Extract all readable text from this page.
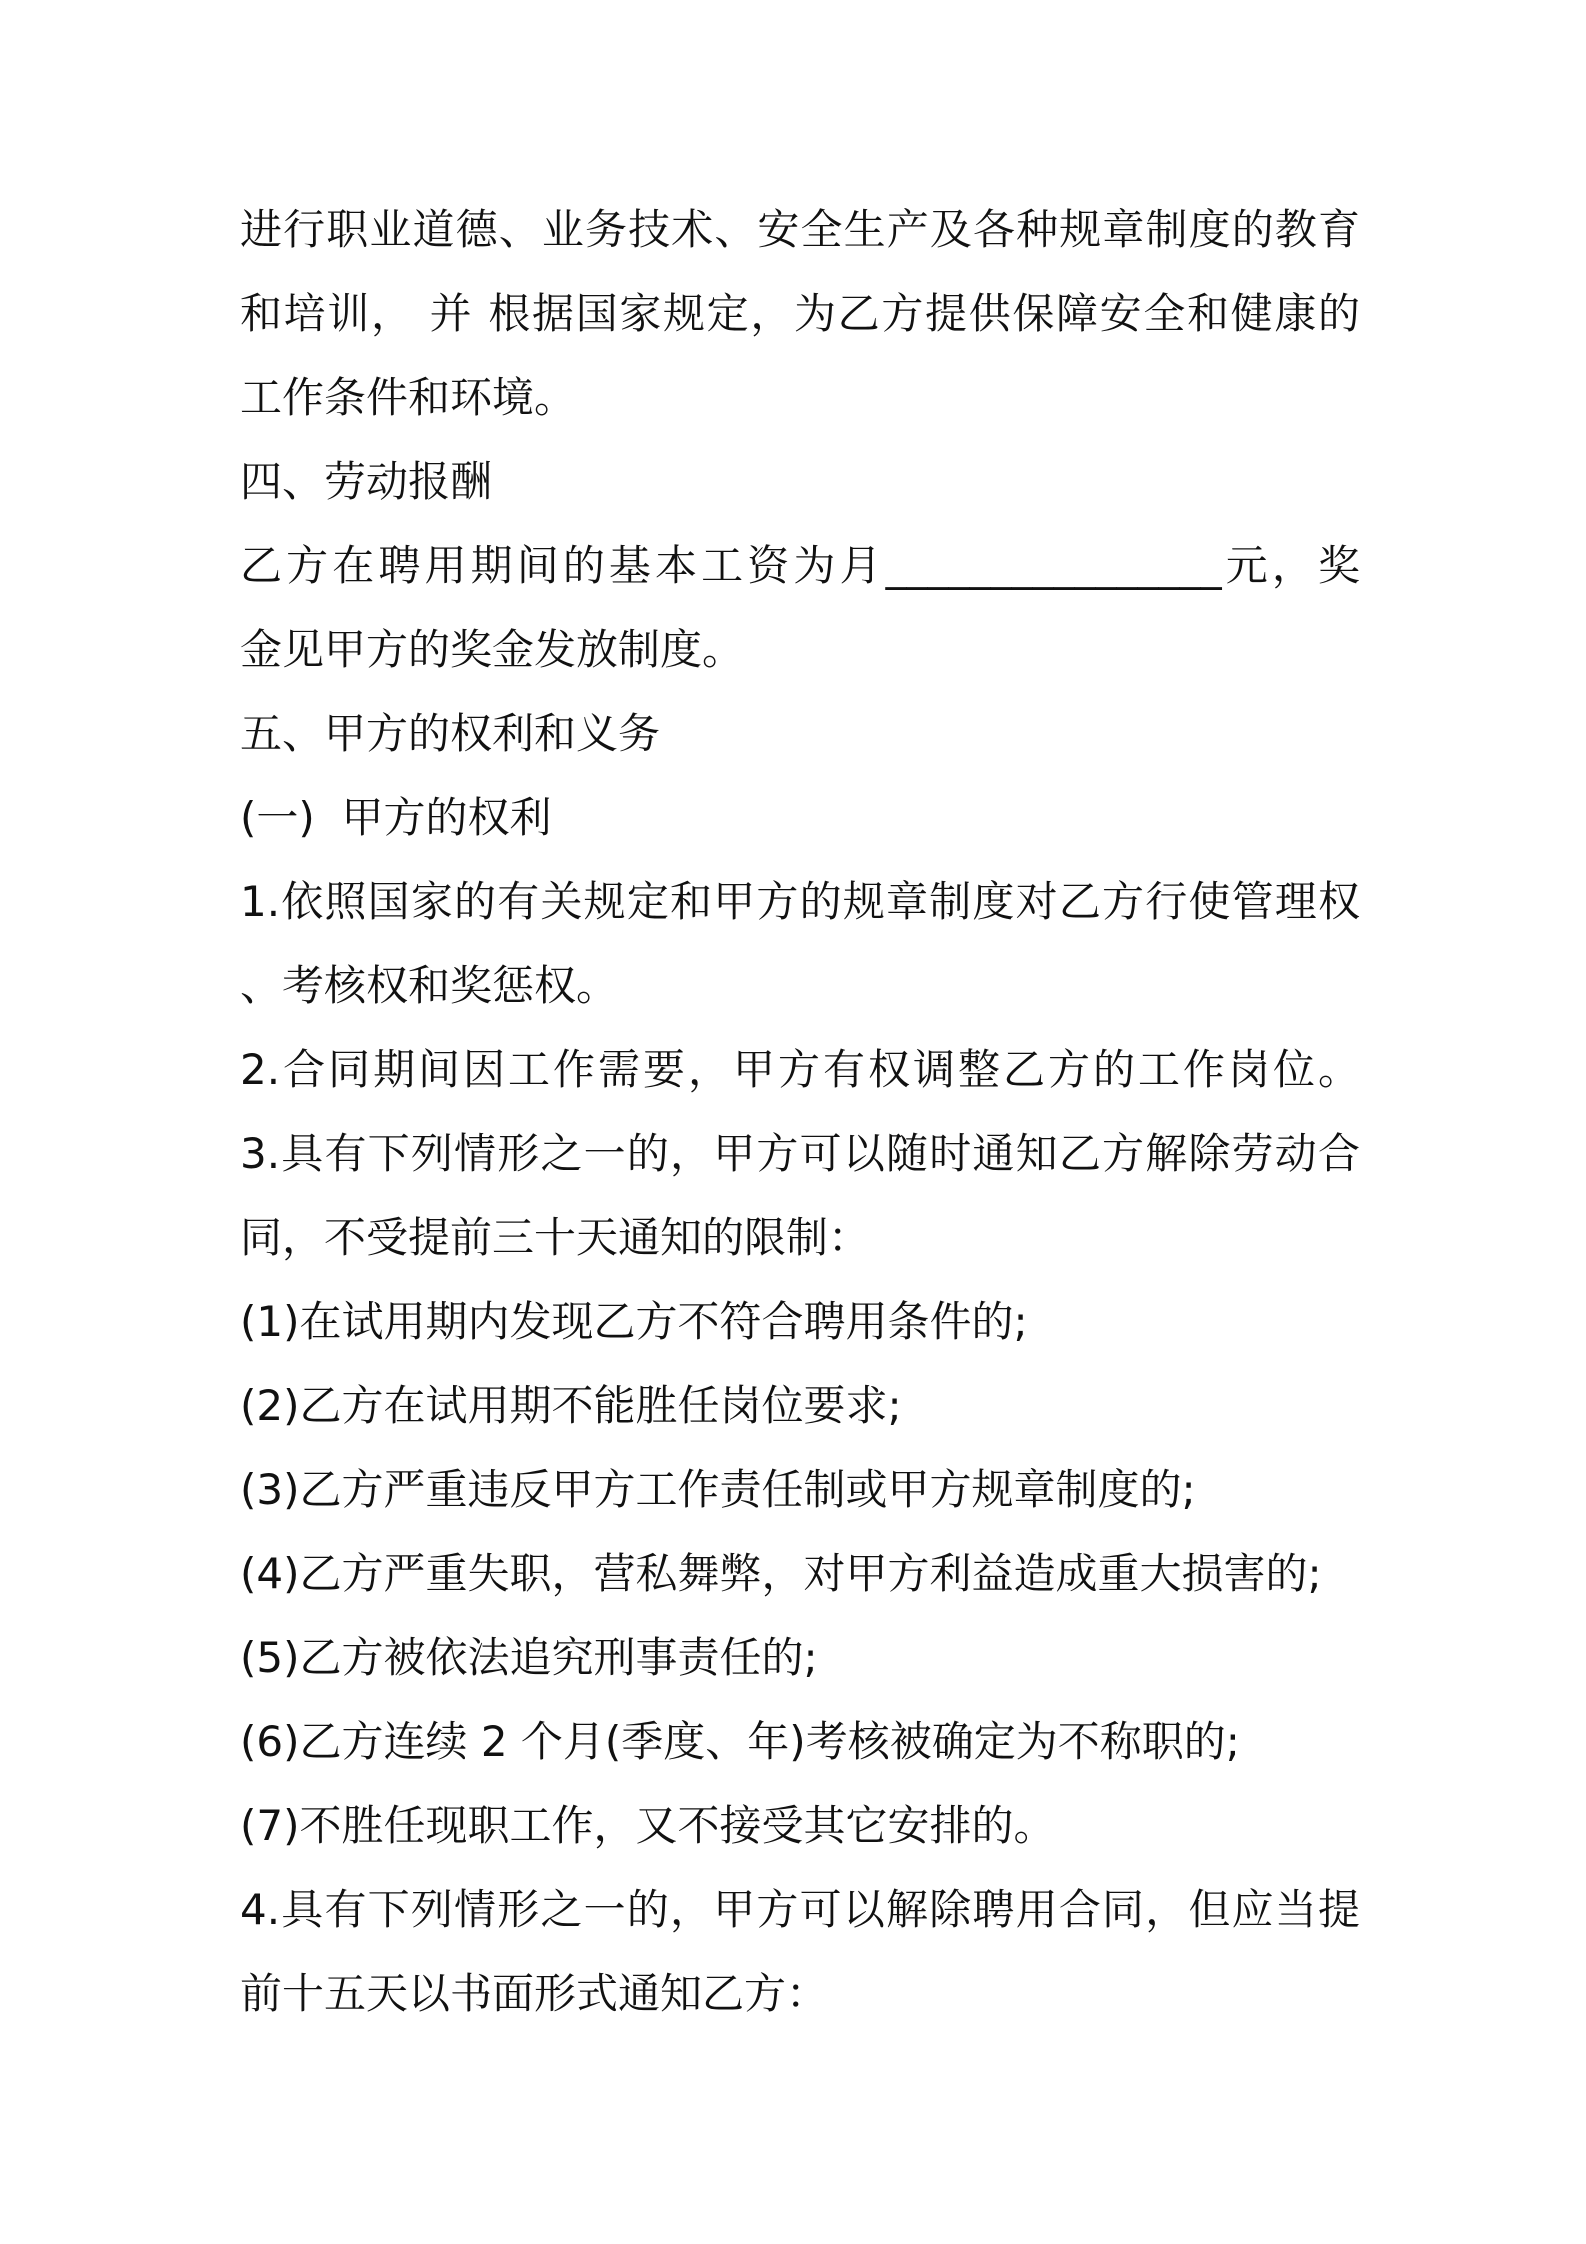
进行职业道德、业务技术、安全生产及各种规章制度的教育
和培训， 并 根据国家规定，为乙方提供保障安全和健康的
工作条件和环境。
四、劳动报酬
乙方在聘用期间的基本工资为月________________元，奖
金见甲方的奖金发放制度。
五、甲方的权利和义务
(一)  甲方的权利
1.依照国家的有关规定和甲方的规章制度对乙方行使管理权
、考核权和奖惩权。
2.合同期间因工作需要，甲方有权调整乙方的工作岗位。
3.具有下列情形之一的，甲方可以随时通知乙方解除劳动合
同，不受提前三十天通知的限制：
(1)在试用期内发现乙方不符合聘用条件的;
(2)乙方在试用期不能胜任岗位要求;
(3)乙方严重违反甲方工作责任制或甲方规章制度的;
(4)乙方严重失职，营私舞弊，对甲方利益造成重大损害的;
(5)乙方被依法追究刑事责任的;
(6)乙方连续 2 个月(季度、年)考核被确定为不称职的;
(7)不胜任现职工作，又不接受其它安排的。
4.具有下列情形之一的，甲方可以解除聘用合同，但应当提
前十五天以书面形式通知乙方：
